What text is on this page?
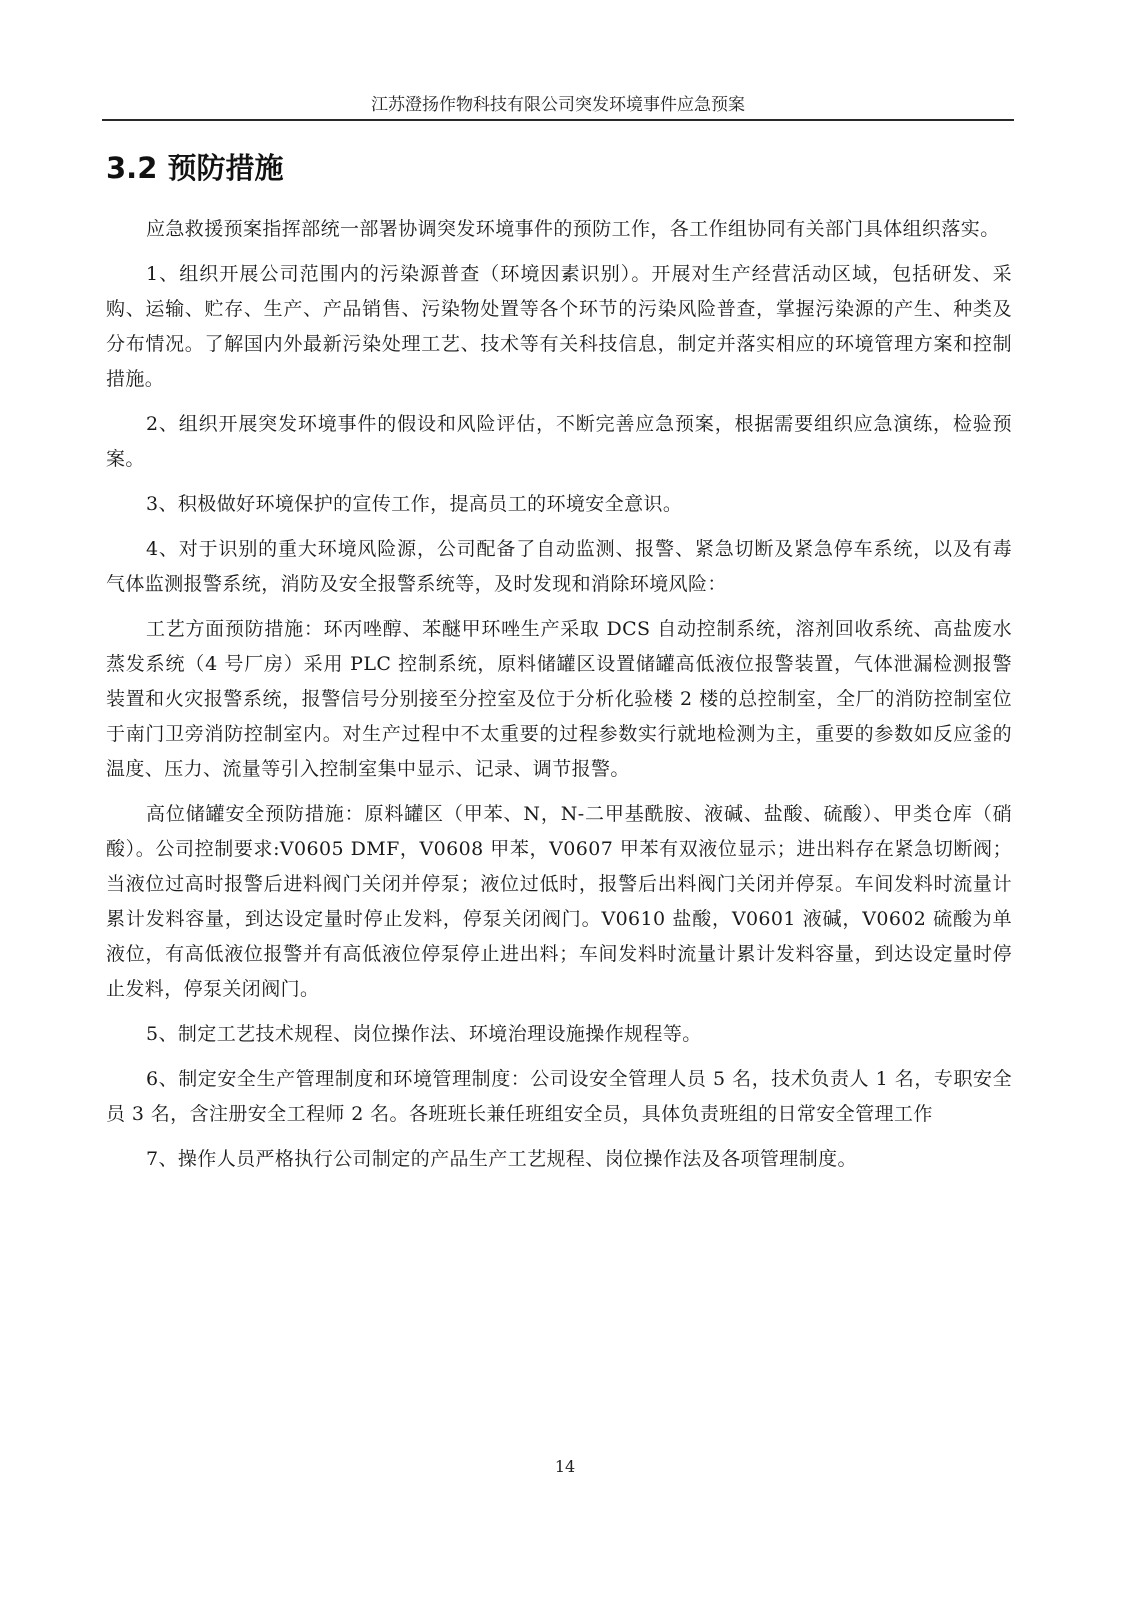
江苏澄扬作物科技有限公司突发环境事件应急预案
3.2 预防措施

应急救援预案指挥部统一部署协调突发环境事件的预防工作，各工作组协同有关部门具体组织落实。

1、组织开展公司范围内的污染源普查（环境因素识别）。开展对生产经营活动区域，包括研发、采购、运输、贮存、生产、产品销售、污染物处置等各个环节的污染风险普查，掌握污染源的产生、种类及分布情况。了解国内外最新污染处理工艺、技术等有关科技信息，制定并落实相应的环境管理方案和控制措施。

2、组织开展突发环境事件的假设和风险评估，不断完善应急预案，根据需要组织应急演练，检验预案。

3、积极做好环境保护的宣传工作，提高员工的环境安全意识。

4、对于识别的重大环境风险源，公司配备了自动监测、报警、紧急切断及紧急停车系统，以及有毒气体监测报警系统，消防及安全报警系统等，及时发现和消除环境风险：

工艺方面预防措施：环丙唑醇、苯醚甲环唑生产采取 DCS 自动控制系统，溶剂回收系统、高盐废水蒸发系统（4 号厂房）采用 PLC 控制系统，原料储罐区设置储罐高低液位报警装置，气体泄漏检测报警装置和火灾报警系统，报警信号分别接至分控室及位于分析化验楼 2 楼的总控制室，全厂的消防控制室位于南门卫旁消防控制室内。对生产过程中不太重要的过程参数实行就地检测为主，重要的参数如反应釜的温度、压力、流量等引入控制室集中显示、记录、调节报警。

高位储罐安全预防措施：原料罐区（甲苯、N，N-二甲基酰胺、液碱、盐酸、硫酸）、甲类仓库（硝酸）。公司控制要求:V0605 DMF，V0608 甲苯，V0607 甲苯有双液位显示；进出料存在紧急切断阀；当液位过高时报警后进料阀门关闭并停泵；液位过低时，报警后出料阀门关闭并停泵。车间发料时流量计累计发料容量，到达设定量时停止发料，停泵关闭阀门。V0610 盐酸，V0601 液碱，V0602 硫酸为单液位，有高低液位报警并有高低液位停泵停止进出料；车间发料时流量计累计发料容量，到达设定量时停止发料，停泵关闭阀门。

5、制定工艺技术规程、岗位操作法、环境治理设施操作规程等。

6、制定安全生产管理制度和环境管理制度：公司设安全管理人员 5 名，技术负责人 1 名，专职安全员 3 名，含注册安全工程师 2 名。各班班长兼任班组安全员，具体负责班组的日常安全管理工作

7、操作人员严格执行公司制定的产品生产工艺规程、岗位操作法及各项管理制度。

14
